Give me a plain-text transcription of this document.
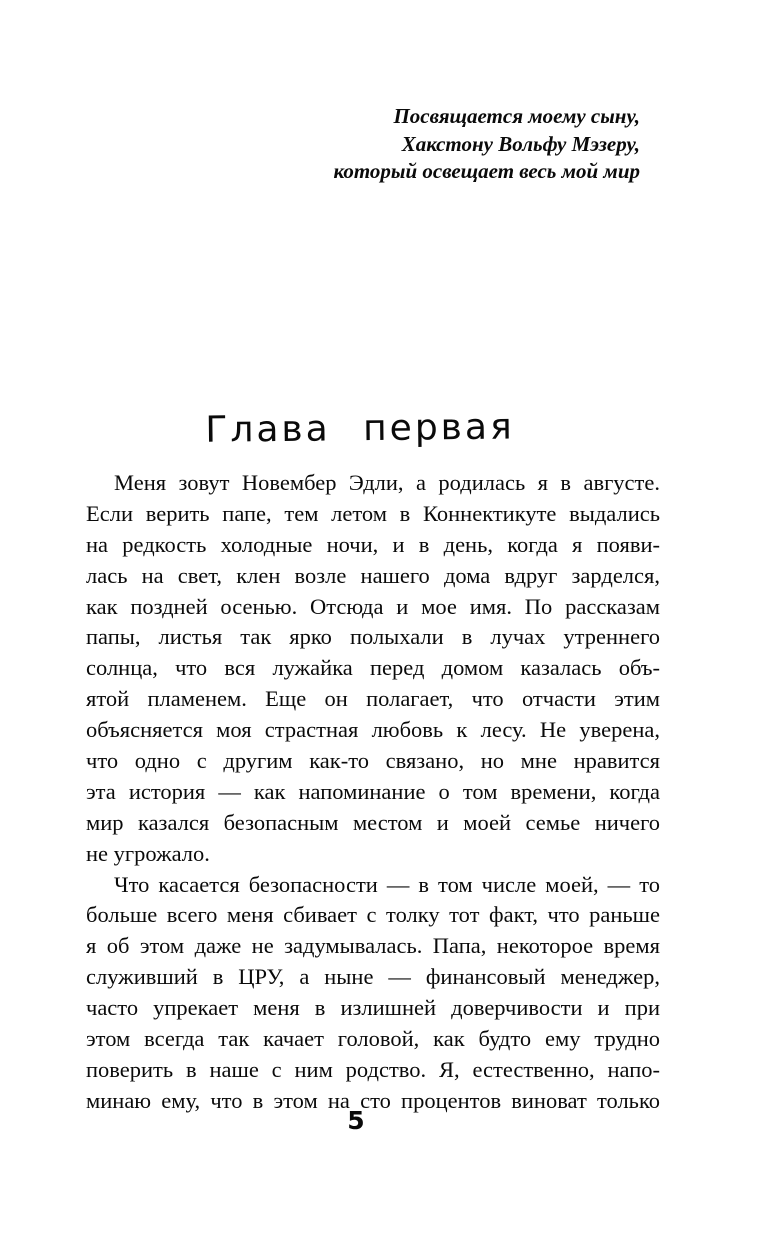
Посвящается моему сыну,
Хакстону Вольфу Мэзеру,
который освещает весь мой мир
Глава первая
Меня зовут Новембер Эдли, а родилась я в августе.
Если верить папе, тем летом в Коннектикуте выдались
на редкость холодные ночи, и в день, когда я появи-
лась на свет, клен возле нашего дома вдруг зарделся,
как поздней осенью. Отсюда и мое имя. По рассказам
папы, листья так ярко полыхали в лучах утреннего
солнца, что вся лужайка перед домом казалась объ-
ятой пламенем. Еще он полагает, что отчасти этим
объясняется моя страстная любовь к лесу. Не уверена,
что одно с другим как-то связано, но мне нравится
эта история — как напоминание о том времени, когда
мир казался безопасным местом и моей семье ничего
не угрожало.
Что касается безопасности — в том числе моей, — то
больше всего меня сбивает с толку тот факт, что раньше
я об этом даже не задумывалась. Папа, некоторое время
служивший в ЦРУ, а ныне — финансовый менеджер,
часто упрекает меня в излишней доверчивости и при
этом всегда так качает головой, как будто ему трудно
поверить в наше с ним родство. Я, естественно, напо-
минаю ему, что в этом на сто процентов виноват только
5
